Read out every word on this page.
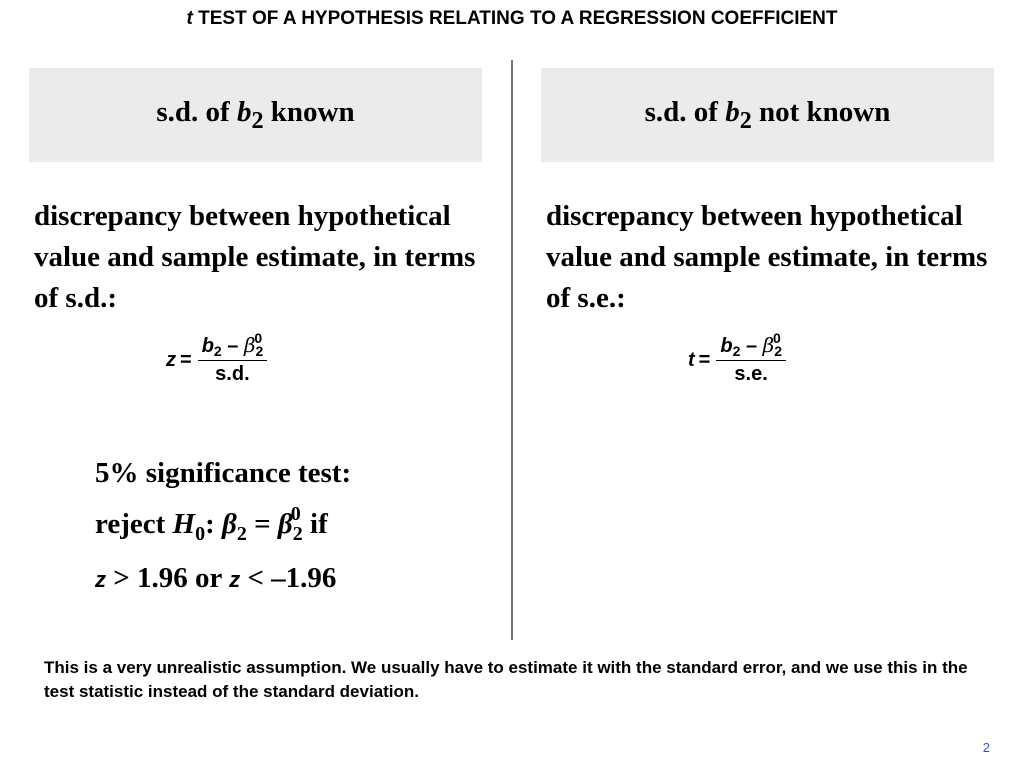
t TEST OF A HYPOTHESIS RELATING TO A REGRESSION COEFFICIENT
s.d. of $b_2$ known	s.d. of $b_2$ not known
discrepancy between hypothetical value and sample estimate, in terms of s.d.:
discrepancy between hypothetical value and sample estimate, in terms of s.e.:
$z = \frac{b_2 - \beta_2^0}{s.d.}$	$t = \frac{b_2 - \beta_2^0}{s.e.}$
5% significance test:
reject $H_0$: $\beta_2 = \beta_2^0$ if
z > 1.96 or z < –1.96
This is a very unrealistic assumption. We usually have to estimate it with the standard error, and we use this in the test statistic instead of the standard deviation.
2
